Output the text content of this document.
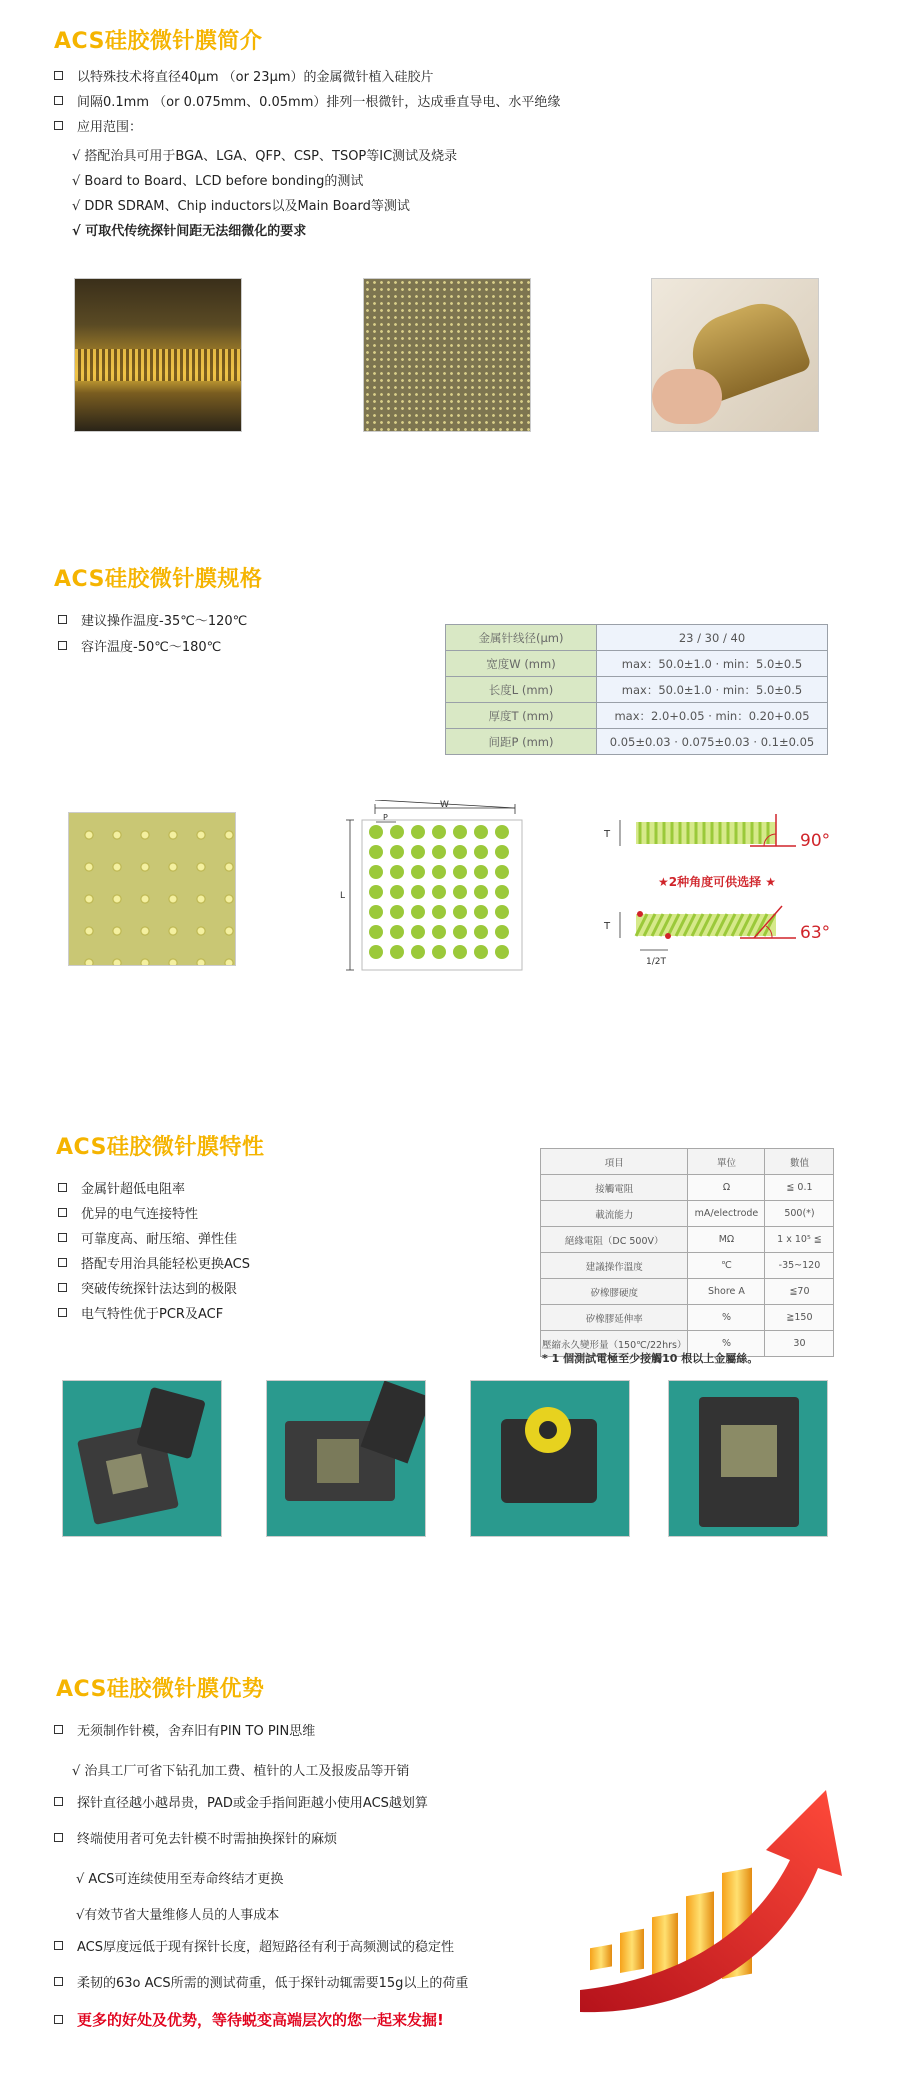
ACS硅胶微针膜简介
以特殊技术将直径40μm （or 23μm）的金属微针植入硅胶片
间隔0.1mm （or 0.075mm、0.05mm）排列一根微针，达成垂直导电、水平绝缘
应用范围：
√ 搭配治具可用于BGA、LGA、QFP、CSP、TSOP等IC测试及烧录
√ Board to Board、LCD before bonding的测试
√ DDR SDRAM、Chip inductors以及Main Board等测试
√ 可取代传统探针间距无法细微化的要求
ACS硅胶微针膜规格
建议操作温度-35℃～120℃
容许温度-50℃～180℃
金属针线径(μm)	23 / 30 / 40
宽度W (mm)	max：50.0±1.0 · min：5.0±0.5
长度L (mm)	max：50.0±1.0 · min：5.0±0.5
厚度T (mm)	max：2.0+0.05 · min：0.20+0.05
间距P (mm)	0.05±0.03 · 0.075±0.03 · 0.1±0.05
W
L
P
T	90°
★2种角度可供选择 ★
T	63°
1/2T
ACS硅胶微针膜特性
金属针超低电阻率
优异的电气连接特性
可靠度高、耐压缩、弹性佳
搭配专用治具能轻松更换ACS
突破传统探针法达到的极限
电气特性优于PCR及ACF
項目	單位	數值
接觸電阻	Ω	≦ 0.1
載流能力	mA/electrode	500(*)
絕緣電阻（DC 500V）	MΩ	1 x 10⁵ ≦
建議操作溫度	℃	-35~120
矽橡膠硬度	Shore A	≦70
矽橡膠延伸率	%	≧150
壓縮永久變形量（150℃/22hrs）	%	30
* 1 個測試電極至少接觸10 根以上金屬絲。
ACS硅胶微针膜优势
无须制作针模，舍弃旧有PIN TO PIN思维
√ 治具工厂可省下钻孔加工费、植针的人工及报废品等开销
探针直径越小越昂贵，PAD或金手指间距越小使用ACS越划算
终端使用者可免去针模不时需抽换探针的麻烦
√ ACS可连续使用至寿命终结才更换
√有效节省大量维修人员的人事成本
ACS厚度远低于现有探针长度，超短路径有利于高频测试的稳定性
柔韧的63o ACS所需的测试荷重，低于探针动辄需要15g以上的荷重
更多的好处及优势，等待蜕变高端层次的您一起来发掘!
